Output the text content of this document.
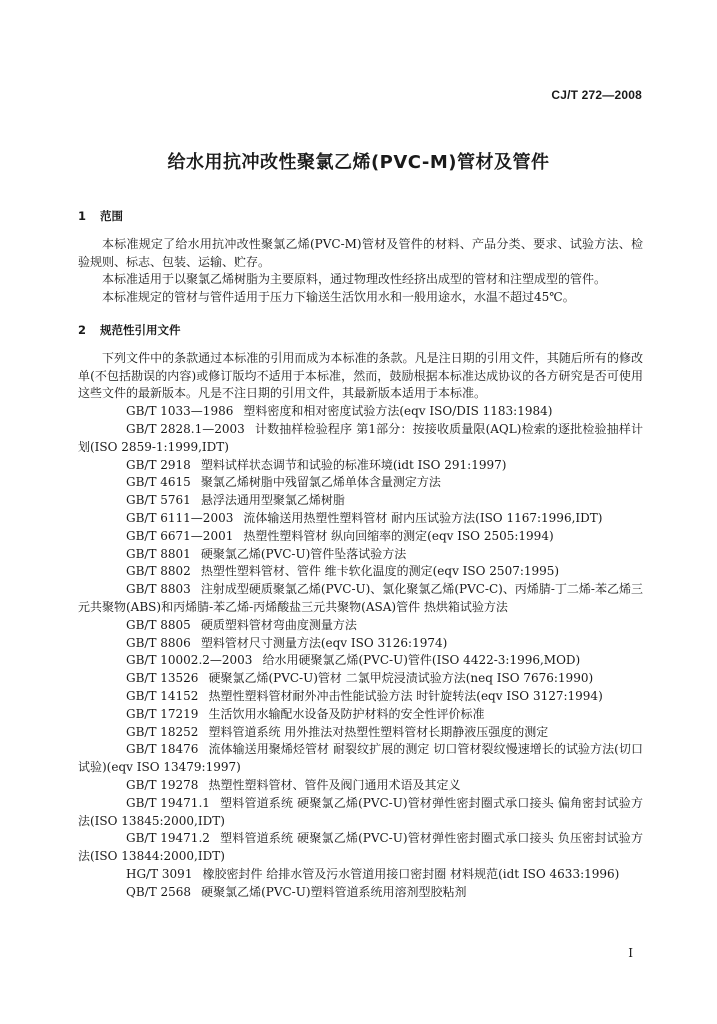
CJ/T 272—2008
给水用抗冲改性聚氯乙烯(PVC-M)管材及管件
1 范围

本标准规定了给水用抗冲改性聚氯乙烯(PVC-M)管材及管件的材料、产品分类、要求、试验方法、检验规则、标志、包装、运输、贮存。

本标准适用于以聚氯乙烯树脂为主要原料，通过物理改性经挤出成型的管材和注塑成型的管件。

本标准规定的管材与管件适用于压力下输送生活饮用水和一般用途水，水温不超过45℃。

2 规范性引用文件

下列文件中的条款通过本标准的引用而成为本标准的条款。凡是注日期的引用文件，其随后所有的修改单(不包括勘误的内容)或修订版均不适用于本标准，然而，鼓励根据本标准达成协议的各方研究是否可使用这些文件的最新版本。凡是不注日期的引用文件，其最新版本适用于本标准。

GB/T 1033—1986 塑料密度和相对密度试验方法(eqv ISO/DIS 1183:1984)

GB/T 2828.1—2003 计数抽样检验程序 第1部分：按接收质量限(AQL)检索的逐批检验抽样计划(ISO 2859-1:1999,IDT)

GB/T 2918 塑料试样状态调节和试验的标准环境(idt ISO 291:1997)

GB/T 4615 聚氯乙烯树脂中残留氯乙烯单体含量测定方法

GB/T 5761 悬浮法通用型聚氯乙烯树脂

GB/T 6111—2003 流体输送用热塑性塑料管材 耐内压试验方法(ISO 1167:1996,IDT)

GB/T 6671—2001 热塑性塑料管材 纵向回缩率的测定(eqv ISO 2505:1994)

GB/T 8801 硬聚氯乙烯(PVC-U)管件坠落试验方法

GB/T 8802 热塑性塑料管材、管件 维卡软化温度的测定(eqv ISO 2507:1995)

GB/T 8803 注射成型硬质聚氯乙烯(PVC-U)、氯化聚氯乙烯(PVC-C)、丙烯腈-丁二烯-苯乙烯三元共聚物(ABS)和丙烯腈-苯乙烯-丙烯酸盐三元共聚物(ASA)管件 热烘箱试验方法

GB/T 8805 硬质塑料管材弯曲度测量方法

GB/T 8806 塑料管材尺寸测量方法(eqv ISO 3126:1974)

GB/T 10002.2—2003 给水用硬聚氯乙烯(PVC-U)管件(ISO 4422-3:1996,MOD)

GB/T 13526 硬聚氯乙烯(PVC-U)管材 二氯甲烷浸渍试验方法(neq ISO 7676:1990)

GB/T 14152 热塑性塑料管材耐外冲击性能试验方法 时针旋转法(eqv ISO 3127:1994)

GB/T 17219 生活饮用水输配水设备及防护材料的安全性评价标准

GB/T 18252 塑料管道系统 用外推法对热塑性塑料管材长期静液压强度的测定

GB/T 18476 流体输送用聚烯烃管材 耐裂纹扩展的测定 切口管材裂纹慢速增长的试验方法(切口试验)(eqv ISO 13479:1997)

GB/T 19278 热塑性塑料管材、管件及阀门通用术语及其定义

GB/T 19471.1 塑料管道系统 硬聚氯乙烯(PVC-U)管材弹性密封圈式承口接头 偏角密封试验方法(ISO 13845:2000,IDT)

GB/T 19471.2 塑料管道系统 硬聚氯乙烯(PVC-U)管材弹性密封圈式承口接头 负压密封试验方法(ISO 13844:2000,IDT)

HG/T 3091 橡胶密封件 给排水管及污水管道用接口密封圈 材料规范(idt ISO 4633:1996)

QB/T 2568 硬聚氯乙烯(PVC-U)塑料管道系统用溶剂型胶粘剂

I
